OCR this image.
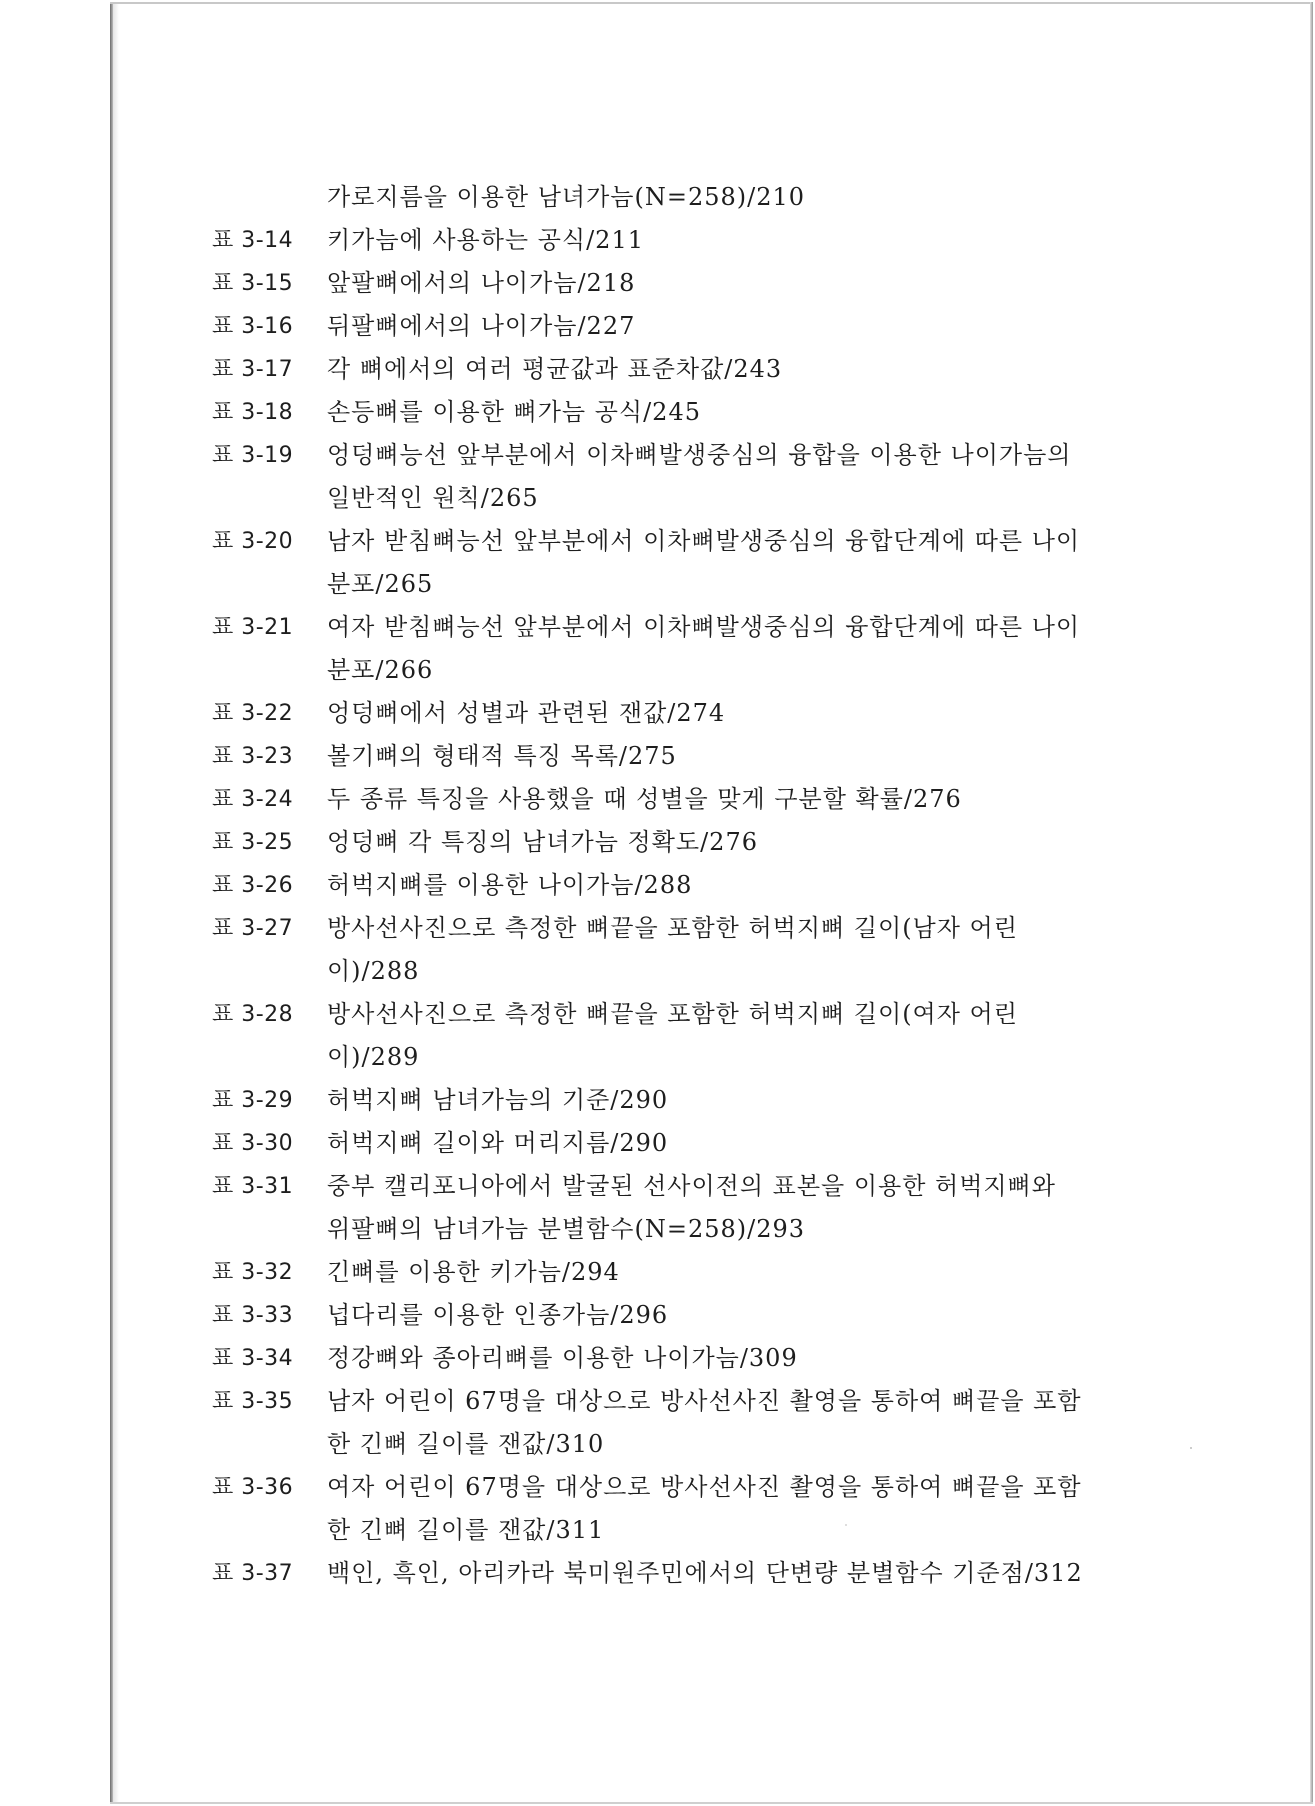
가로지름을 이용한 남녀가늠(N=258)/210
표 3-14 키가늠에 사용하는 공식/211
표 3-15 앞팔뼈에서의 나이가늠/218
표 3-16 뒤팔뼈에서의 나이가늠/227
표 3-17 각 뼈에서의 여러 평균값과 표준차값/243
표 3-18 손등뼈를 이용한 뼈가늠 공식/245
표 3-19 엉덩뼈능선 앞부분에서 이차뼈발생중심의 융합을 이용한 나이가늠의
일반적인 원칙/265
표 3-20 남자 받침뼈능선 앞부분에서 이차뼈발생중심의 융합단계에 따른 나이
분포/265
표 3-21 여자 받침뼈능선 앞부분에서 이차뼈발생중심의 융합단계에 따른 나이
분포/266
표 3-22 엉덩뼈에서 성별과 관련된 잰값/274
표 3-23 볼기뼈의 형태적 특징 목록/275
표 3-24 두 종류 특징을 사용했을 때 성별을 맞게 구분할 확률/276
표 3-25 엉덩뼈 각 특징의 남녀가늠 정확도/276
표 3-26 허벅지뼈를 이용한 나이가늠/288
표 3-27 방사선사진으로 측정한 뼈끝을 포함한 허벅지뼈 길이(남자 어린
이)/288
표 3-28 방사선사진으로 측정한 뼈끝을 포함한 허벅지뼈 길이(여자 어린
이)/289
표 3-29 허벅지뼈 남녀가늠의 기준/290
표 3-30 허벅지뼈 길이와 머리지름/290
표 3-31 중부 캘리포니아에서 발굴된 선사이전의 표본을 이용한 허벅지뼈와
위팔뼈의 남녀가늠 분별함수(N=258)/293
표 3-32 긴뼈를 이용한 키가늠/294
표 3-33 넙다리를 이용한 인종가늠/296
표 3-34 정강뼈와 종아리뼈를 이용한 나이가늠/309
표 3-35 남자 어린이 67명을 대상으로 방사선사진 촬영을 통하여 뼈끝을 포함
한 긴뼈 길이를 잰값/310
표 3-36 여자 어린이 67명을 대상으로 방사선사진 촬영을 통하여 뼈끝을 포함
한 긴뼈 길이를 잰값/311
표 3-37 백인, 흑인, 아리카라 북미원주민에서의 단변량 분별함수 기준점/312
